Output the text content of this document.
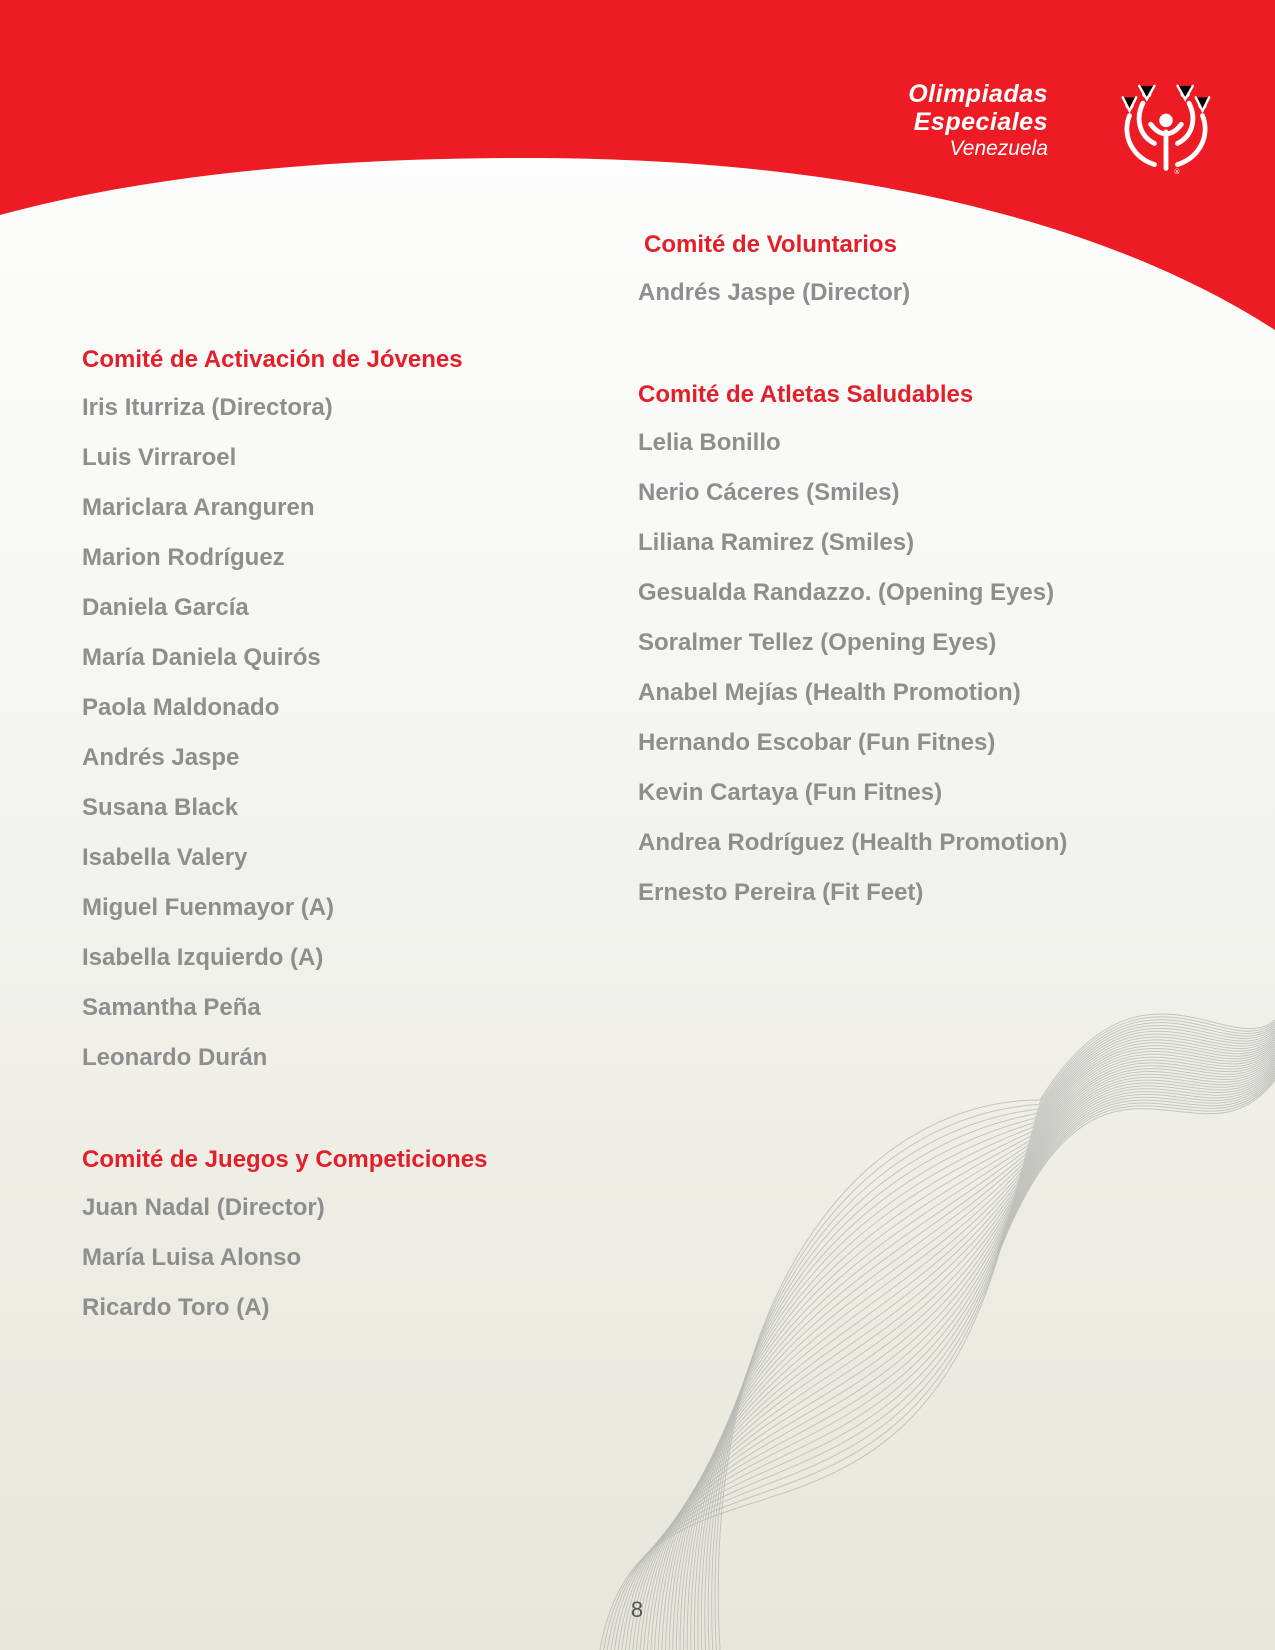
Olimpiadas
Especiales
Venezuela
®
Comité de Voluntarios
Andrés Jaspe (Director)
Comité de Activación de Jóvenes
Iris Iturriza (Directora)
Luis Virraroel
Mariclara Aranguren
Marion Rodríguez
Daniela García
María Daniela Quirós
Paola Maldonado
Andrés Jaspe
Susana Black
Isabella Valery
Miguel Fuenmayor (A)
Isabella Izquierdo (A)
Samantha Peña
Leonardo Durán
Comité de Atletas Saludables
Lelia Bonillo
Nerio Cáceres (Smiles)
Liliana Ramirez (Smiles)
Gesualda Randazzo. (Opening Eyes)
Soralmer Tellez (Opening Eyes)
Anabel Mejías (Health Promotion)
Hernando Escobar (Fun Fitnes)
Kevin Cartaya (Fun Fitnes)
Andrea Rodríguez (Health Promotion)
Ernesto Pereira (Fit Feet)
Comité de Juegos y Competiciones
Juan Nadal (Director)
María Luisa Alonso
Ricardo Toro (A)
8
